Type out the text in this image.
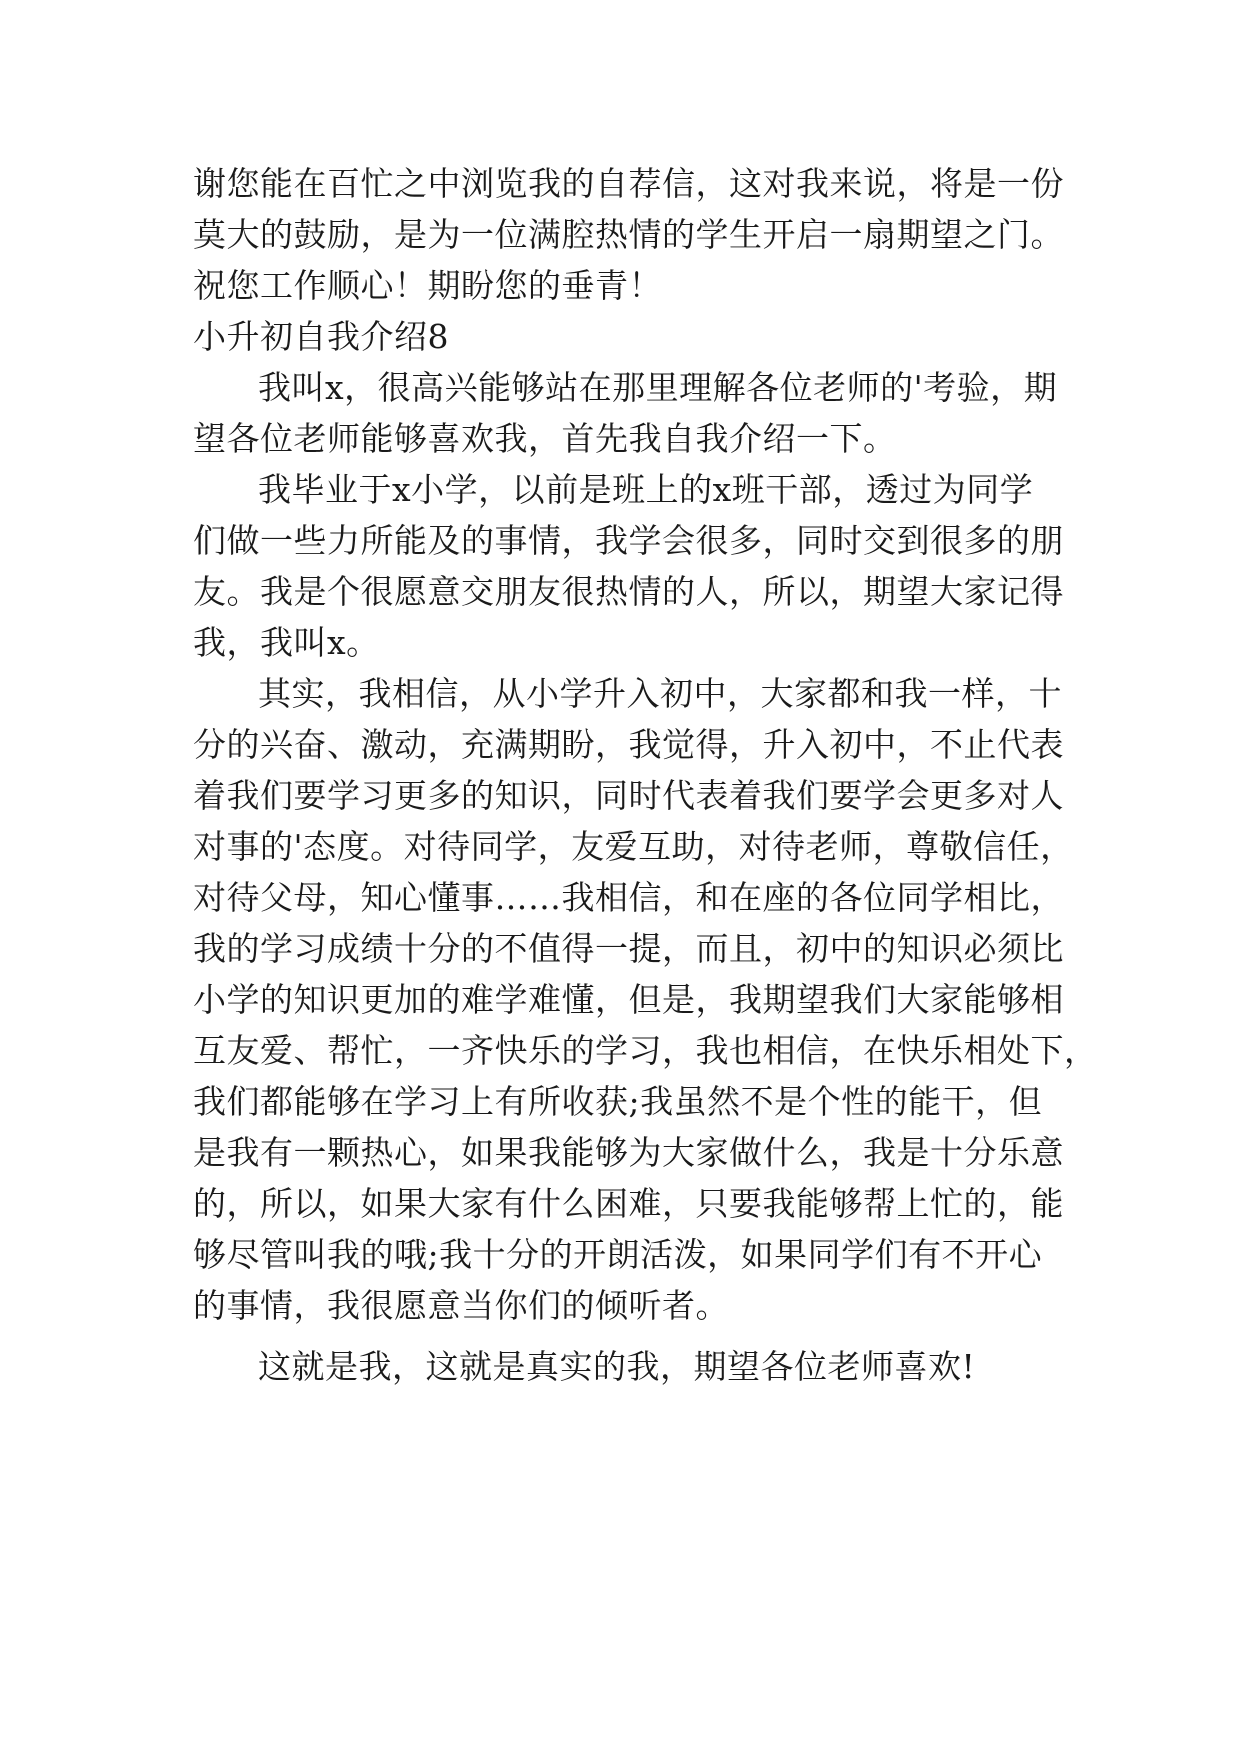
谢您能在百忙之中浏览我的自荐信，这对我来说，将是一份
莫大的鼓励，是为一位满腔热情的学生开启一扇期望之门。
祝您工作顺心！期盼您的垂青！
小升初自我介绍8
我叫x，很高兴能够站在那里理解各位老师的'考验，期
望各位老师能够喜欢我，首先我自我介绍一下。
我毕业于x小学，以前是班上的x班干部，透过为同学
们做一些力所能及的事情，我学会很多，同时交到很多的朋
友。我是个很愿意交朋友很热情的人，所以，期望大家记得
我，我叫x。
其实，我相信，从小学升入初中，大家都和我一样，十
分的兴奋、激动，充满期盼，我觉得，升入初中，不止代表
着我们要学习更多的知识，同时代表着我们要学会更多对人
对事的'态度。对待同学，友爱互助，对待老师，尊敬信任，
对待父母，知心懂事……我相信，和在座的各位同学相比，
我的学习成绩十分的不值得一提，而且，初中的知识必须比
小学的知识更加的难学难懂，但是，我期望我们大家能够相
互友爱、帮忙，一齐快乐的学习，我也相信，在快乐相处下，
我们都能够在学习上有所收获;我虽然不是个性的能干，但
是我有一颗热心，如果我能够为大家做什么，我是十分乐意
的，所以，如果大家有什么困难，只要我能够帮上忙的，能
够尽管叫我的哦;我十分的开朗活泼，如果同学们有不开心
的事情，我很愿意当你们的倾听者。
这就是我，这就是真实的我，期望各位老师喜欢!
